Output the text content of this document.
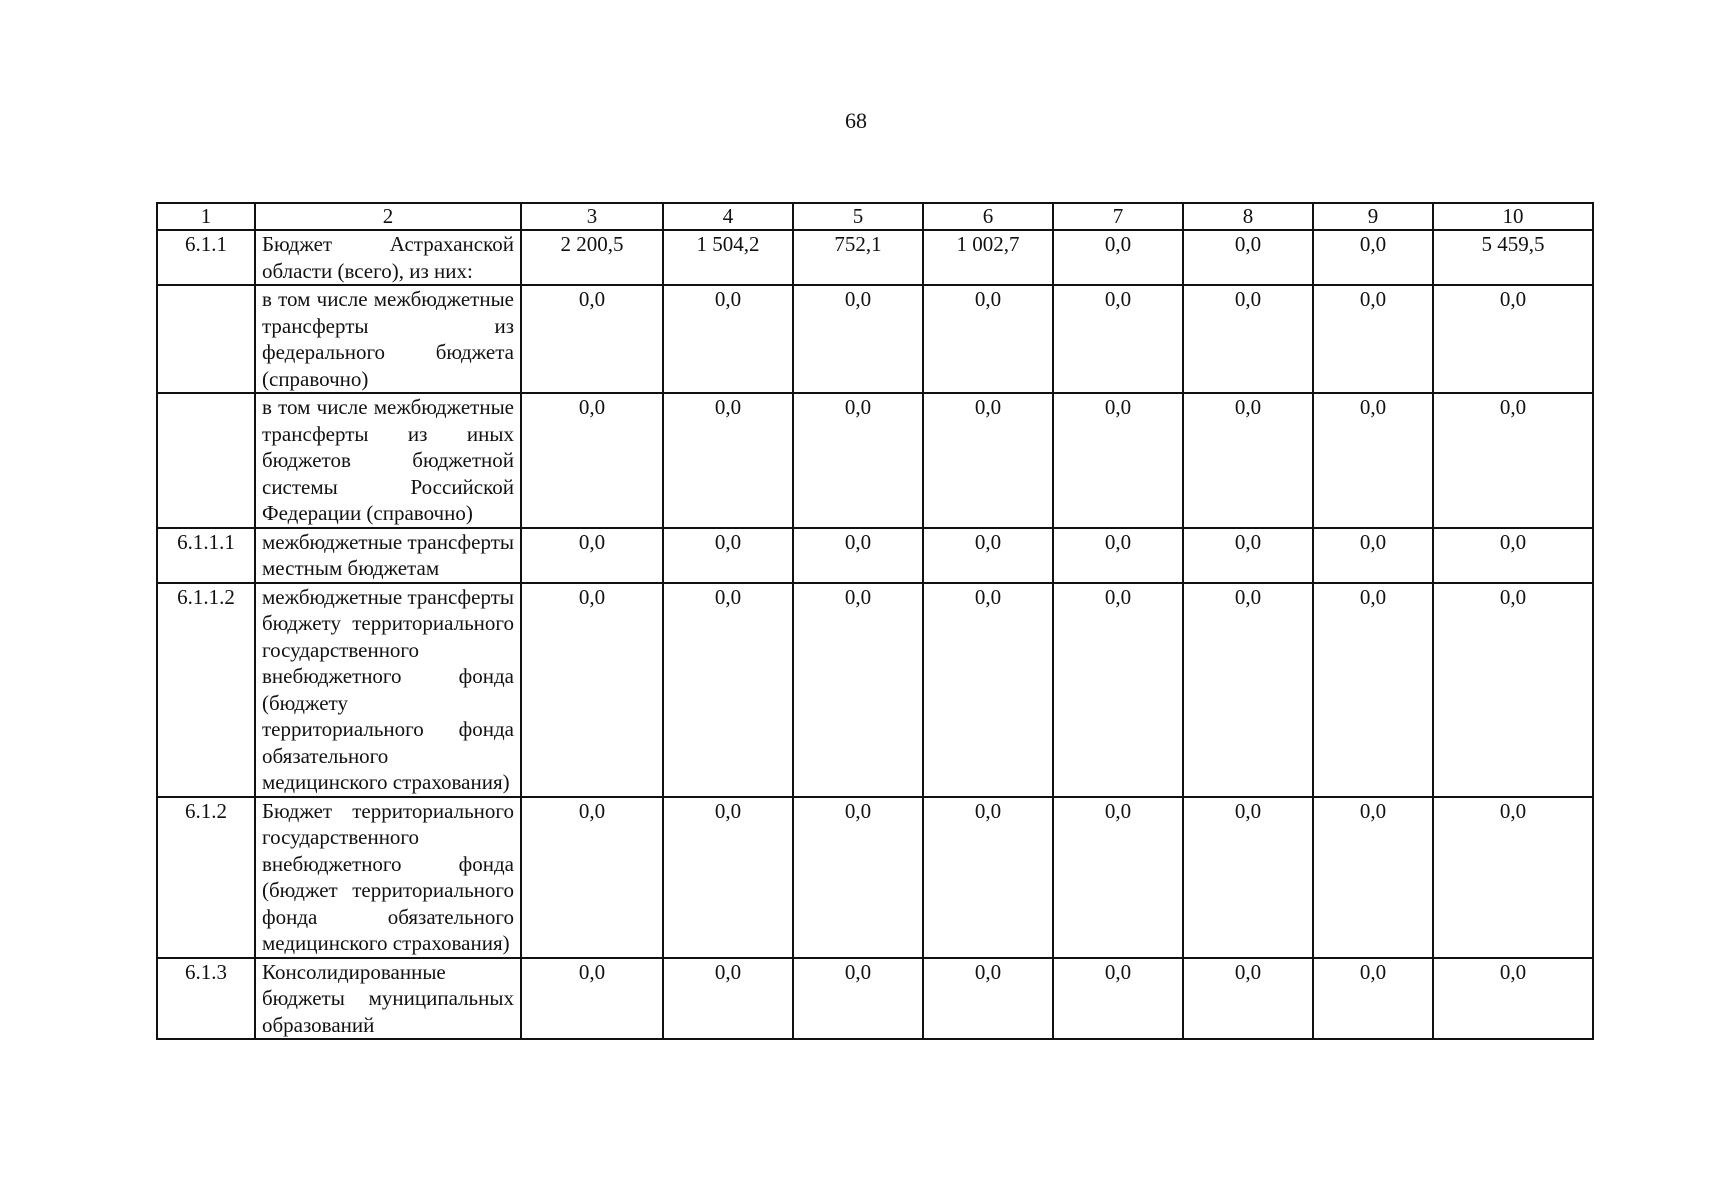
68
1	2	3	4	5	6	7	8	9	10
6.1.1	Бюджет Астраханской области (всего), из них:	2 200,5	1 504,2	752,1	1 002,7	0,0	0,0	0,0	5 459,5
	в том числе межбюджетные трансферты из федерального бюджета (справочно)	0,0	0,0	0,0	0,0	0,0	0,0	0,0	0,0
	в том числе межбюджетные трансферты из иных бюджетов бюджетной системы Российской Федерации (справочно)	0,0	0,0	0,0	0,0	0,0	0,0	0,0	0,0
6.1.1.1	межбюджетные трансферты местным бюджетам	0,0	0,0	0,0	0,0	0,0	0,0	0,0	0,0
6.1.1.2	межбюджетные трансферты бюджету территориального государственного внебюджетного фонда (бюджету территориального фонда обязательного медицинского страхования)	0,0	0,0	0,0	0,0	0,0	0,0	0,0	0,0
6.1.2	Бюджет территориального государственного внебюджетного фонда (бюджет территориального фонда обязательного медицинского страхования)	0,0	0,0	0,0	0,0	0,0	0,0	0,0	0,0
6.1.3	Консолидированные бюджеты муниципальных образований	0,0	0,0	0,0	0,0	0,0	0,0	0,0	0,0
